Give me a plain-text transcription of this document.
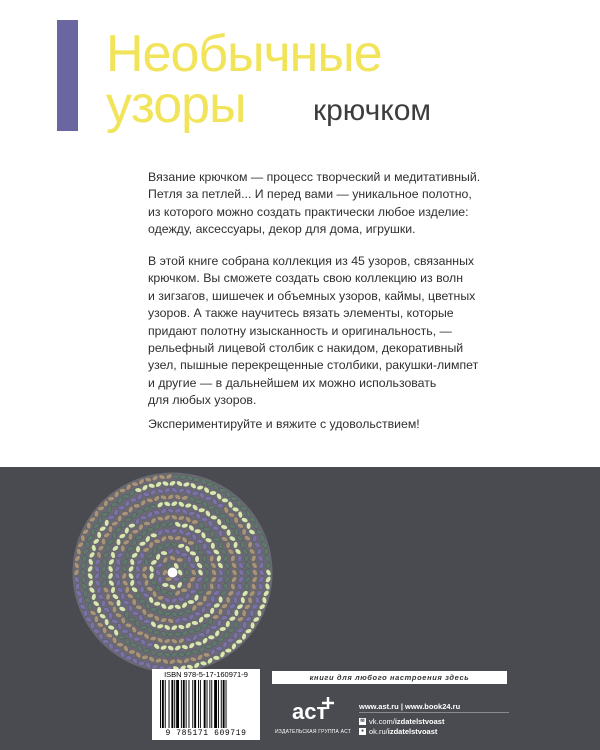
Необычные
узоры крючком
Вязание крючком — процесс творческий и медитативный.
Петля за петлей... И перед вами — уникальное полотно,
из которого можно создать практически любое изделие:
одежду, аксессуары, декор для дома, игрушки.
В этой книге собрана коллекция из 45 узоров, связанных
крючком. Вы сможете создать свою коллекцию из волн
и зигзагов, шишечек и объемных узоров, каймы, цветных
узоров. А также научитесь вязать элементы, которые
придают полотну изысканность и оригинальность, —
рельефный лицевой столбик с накидом, декоративный
узел, пышные перекрещенные столбики, ракушки-лимпет
и другие — в дальнейшем их можно использовать
для любых узоров.
Экспериментируйте и вяжите с удовольствием!
ISBN 978-5-17-160971-9
9 785171 609719
книги для любого настроения здесь
аст
ИЗДАТЕЛЬСКАЯ ГРУППА АСТ
www.ast.ru | www.book24.ru
✉ vk.com/ izdatelstvoast
● ok.ru/ izdatelstvoast
